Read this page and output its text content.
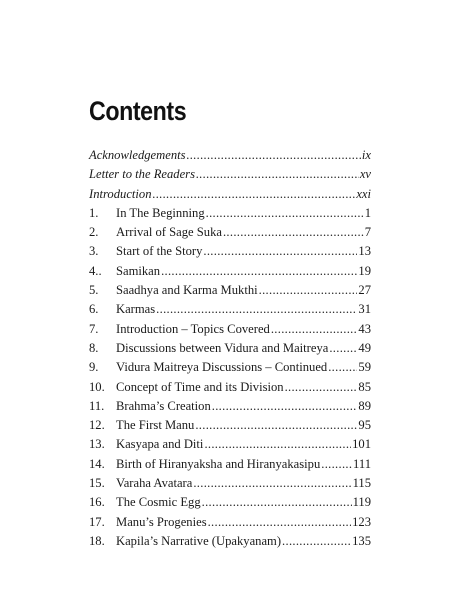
Contents
Acknowledgements .....	ix
Letter to the Readers .....	xv
Introduction .....	xxi
1.	In The Beginning .....	1
2.	Arrival of Sage Suka .....	7
3.	Start of the Story .....	13
4..	Samikan .....	19
5.	Saadhya and Karma Mukthi .....	27
6.	Karmas .....	31
7.	Introduction – Topics Covered .....	43
8.	Discussions between Vidura and Maitreya ..... 49
9.	Vidura Maitreya Discussions – Continued ..... 59
10. Concept of Time and its Division .....	85
11. Brahma’s Creation .....	89
12. The First Manu .....	95
13. Kasyapa and Diti .....	101
14. Birth of Hiranyaksha and Hiranyakasipu .....	111
15. Varaha Avatara .....	115
16. The Cosmic Egg .....	119
17. Manu’s Progenies .....	123
18. Kapila’s Narrative (Upakyanam) .....	135
